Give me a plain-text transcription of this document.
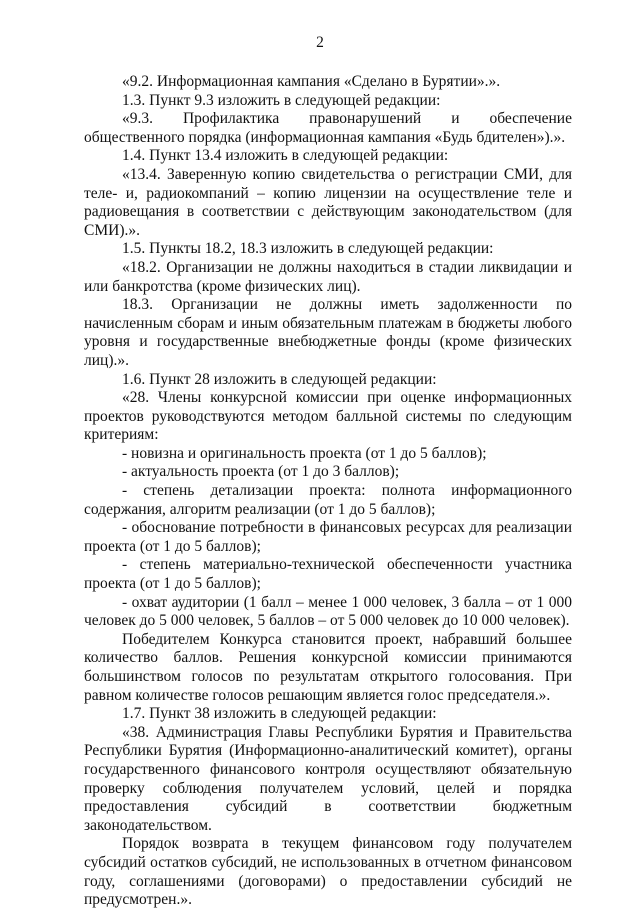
2

«9.2. Информационная кампания «Сделано в Бурятии».».

1.3. Пункт 9.3 изложить в следующей редакции:

«9.3. Профилактика правонарушений и обеспечение общественного порядка (информационная кампания «Будь бдителен»).».

1.4. Пункт 13.4 изложить в следующей редакции:

«13.4. Заверенную копию свидетельства о регистрации СМИ, для теле- и, радиокомпаний – копию лицензии на осуществление теле и радиовещания в соответствии с действующим законодательством (для СМИ).».

1.5. Пункты 18.2, 18.3 изложить в следующей редакции:

«18.2. Организации не должны находиться в стадии ликвидации и или банкротства (кроме физических лиц).

18.3. Организации не должны иметь задолженности по начисленным сборам и иным обязательным платежам в бюджеты любого уровня и государственные внебюджетные фонды (кроме физических лиц).».

1.6. Пункт 28 изложить в следующей редакции:

«28. Члены конкурсной комиссии при оценке информационных проектов руководствуются методом балльной системы по следующим критериям:

- новизна и оригинальность проекта (от 1 до 5 баллов);

- актуальность проекта (от 1 до 3 баллов);

- степень детализации проекта: полнота информационного содержания, алгоритм реализации (от 1 до 5 баллов);

- обоснование потребности в финансовых ресурсах для реализации проекта (от 1 до 5 баллов);

- степень материально-технической обеспеченности участника проекта (от 1 до 5 баллов);

- охват аудитории (1 балл – менее 1 000 человек, 3 балла – от 1 000 человек до 5 000 человек, 5 баллов – от 5 000 человек до 10 000 человек).

Победителем Конкурса становится проект, набравший большее количество баллов. Решения конкурсной комиссии принимаются большинством голосов по результатам открытого голосования. При равном количестве голосов решающим является голос председателя.».

1.7. Пункт 38 изложить в следующей редакции:

«38. Администрация Главы Республики Бурятия и Правительства Республики Бурятия (Информационно-аналитический комитет), органы государственного финансового контроля осуществляют обязательную проверку соблюдения получателем условий, целей и порядка предоставления субсидий в соответствии бюджетным законодательством.

Порядок возврата в текущем финансовом году получателем субсидий остатков субсидий, не использованных в отчетном финансовом году, соглашениями (договорами) о предоставлении субсидий не предусмотрен.».
